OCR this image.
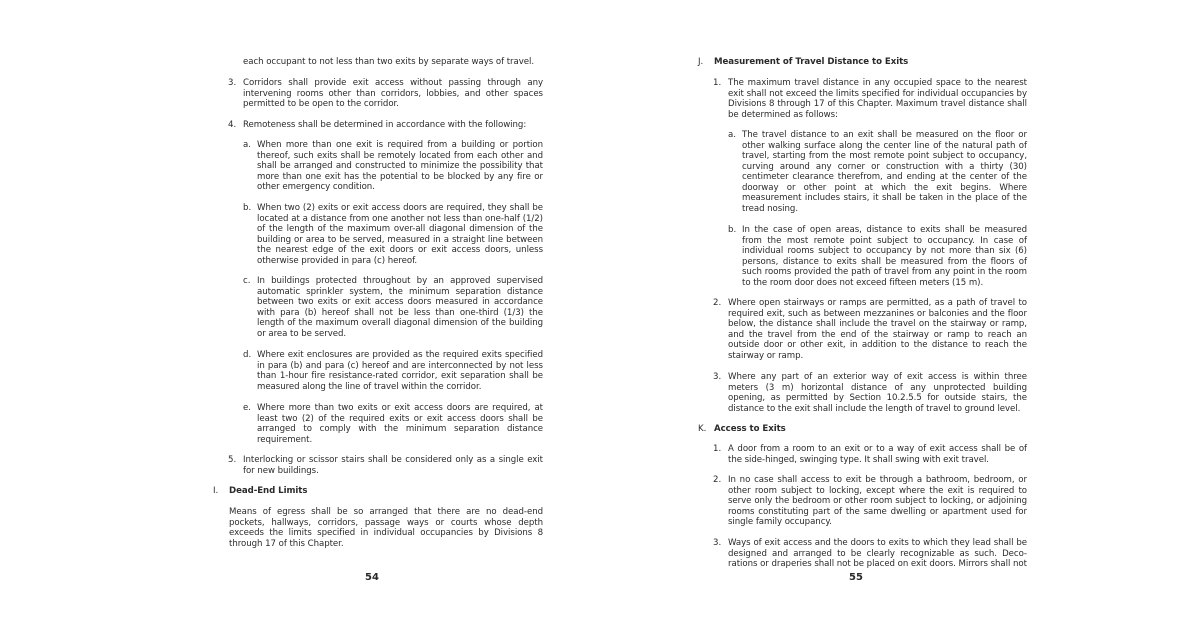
each occupant to not less than two exits by separate ways of travel.

3. Corridors shall provide exit access without passing through any intervening rooms other than corridors, lobbies, and other spaces permitted to be open to the corridor.

4. Remoteness shall be determined in accordance with the following:

a. When more than one exit is required from a building or portion thereof, such exits shall be remotely located from each other and shall be arranged and constructed to minimize the possibility that more than one exit has the potential to be blocked by any fire or other emergency condition.

b. When two (2) exits or exit access doors are required, they shall be located at a distance from one another not less than one-half (1/2) of the length of the maximum over-all diagonal dimension of the building or area to be served, measured in a straight line between the nearest edge of the exit doors or exit access doors, unless otherwise provided in para (c) hereof.

c. In buildings protected throughout by an approved supervised automatic sprinkler system, the minimum separation distance between two exits or exit access doors measured in accordance with para (b) hereof shall not be less than one-third (1/3) the length of the maximum overall diagonal dimension of the building or area to be served.

d. Where exit enclosures are provided as the required exits specified in para (b) and para (c) hereof and are interconnected by not less than 1-hour fire resistance-rated corridor, exit separation shall be measured along the line of travel within the corridor.

e. Where more than two exits or exit access doors are required, at least two (2) of the required exits or exit access doors shall be arranged to comply with the minimum separation distance requirement.

5. Interlocking or scissor stairs shall be considered only as a single exit for new buildings.

I. Dead-End Limits

Means of egress shall be so arranged that there are no dead-end pockets, hallways, corridors, passage ways or courts whose depth exceeds the limits specified in individual occupancies by Divisions 8 through 17 of this Chapter.

54

J. Measurement of Travel Distance to Exits

1. The maximum travel distance in any occupied space to the nearest exit shall not exceed the limits specified for individual occupancies by Divisions 8 through 17 of this Chapter. Maximum travel distance shall be determined as follows:

a. The travel distance to an exit shall be measured on the floor or other walking surface along the center line of the natural path of travel, starting from the most remote point subject to occupancy, curving around any corner or construction with a thirty (30) centimeter clearance therefrom, and ending at the center of the doorway or other point at which the exit begins. Where measurement includes stairs, it shall be taken in the place of the tread nosing.

b. In the case of open areas, distance to exits shall be measured from the most remote point subject to occupancy. In case of individual rooms subject to occupancy by not more than six (6) persons, distance to exits shall be measured from the floors of such rooms provided the path of travel from any point in the room to the room door does not exceed fifteen meters (15 m).

2. Where open stairways or ramps are permitted, as a path of travel to required exit, such as between mezzanines or balconies and the floor below, the distance shall include the travel on the stairway or ramp, and the travel from the end of the stairway or ramp to reach an outside door or other exit, in addition to the distance to reach the stairway or ramp.

3. Where any part of an exterior way of exit access is within three meters (3 m) horizontal distance of any unprotected building opening, as permitted by Section 10.2.5.5 for outside stairs, the distance to the exit shall include the length of travel to ground level.

K. Access to Exits

1. A door from a room to an exit or to a way of exit access shall be of the side-hinged, swinging type. It shall swing with exit travel.

2. In no case shall access to exit be through a bathroom, bedroom, or other room subject to locking, except where the exit is required to serve only the bedroom or other room subject to locking, or adjoining rooms constituting part of the same dwelling or apartment used for single family occupancy.

3. Ways of exit access and the doors to exits to which they lead shall be designed and arranged to be clearly recognizable as such. Deco-rations or draperies shall not be placed on exit doors. Mirrors shall not

55
